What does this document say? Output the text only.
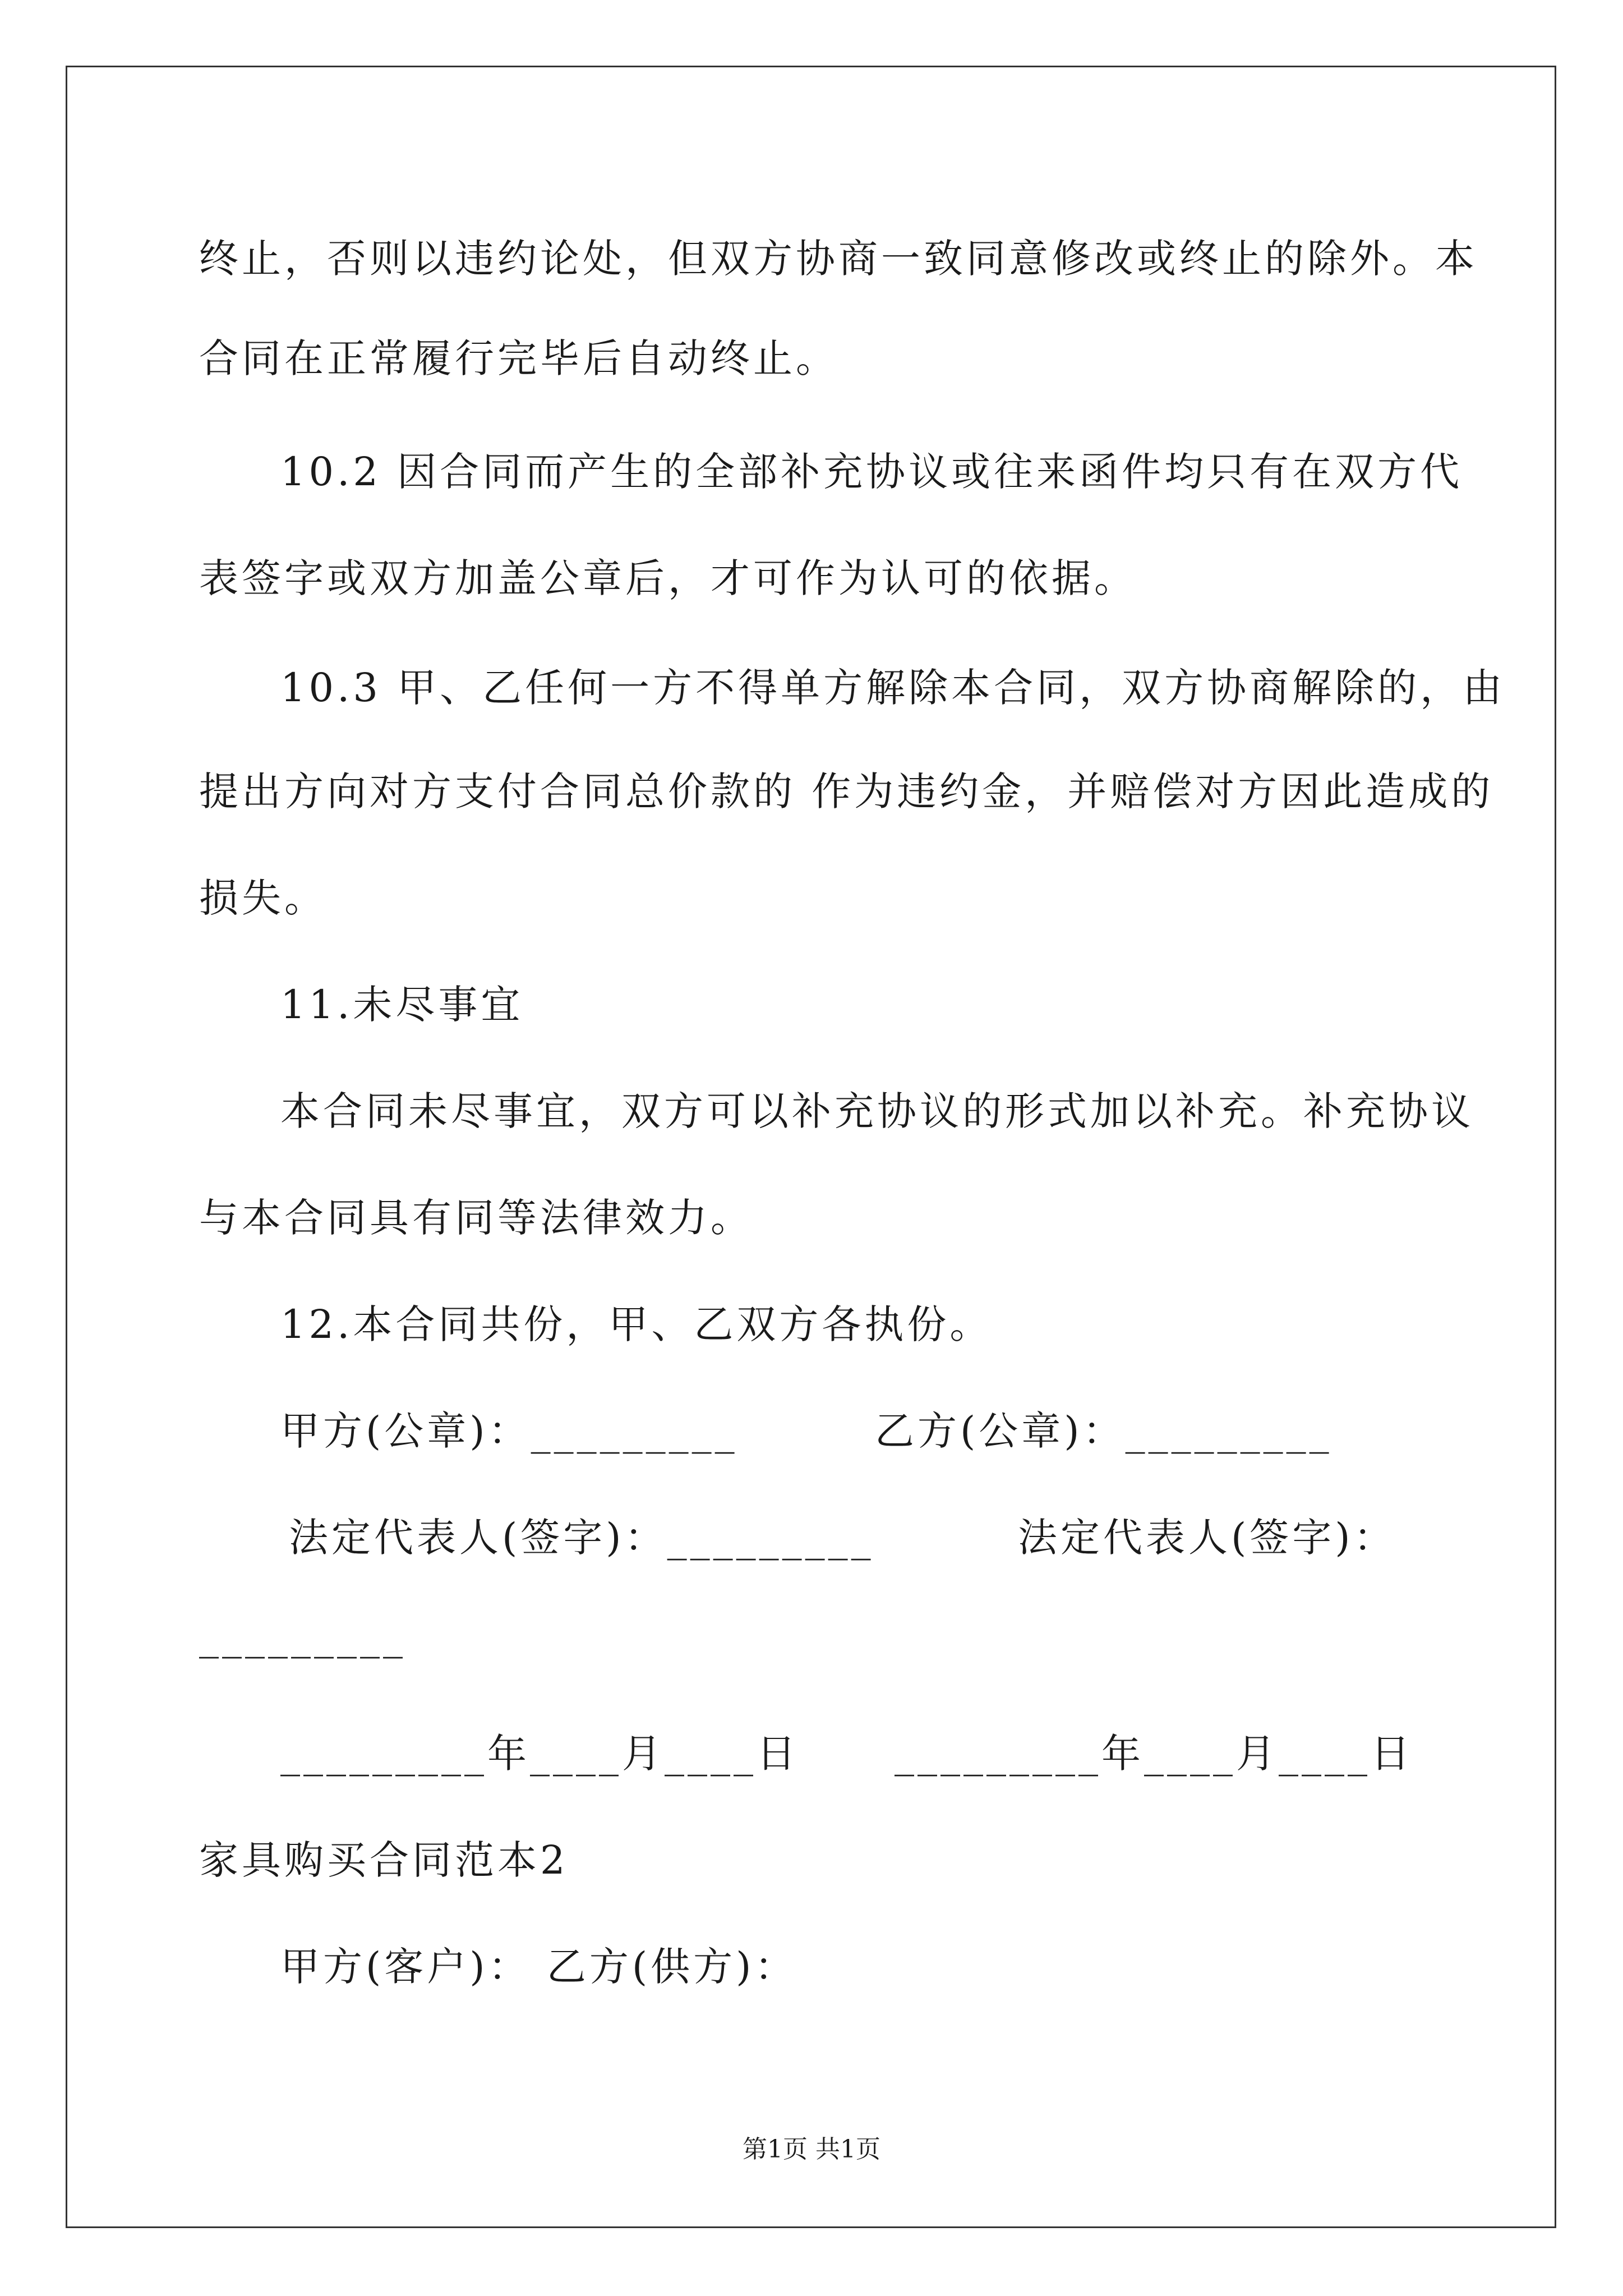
终止，否则以违约论处，但双方协商一致同意修改或终止的除外。本
合同在正常履行完毕后自动终止。
10.2 因合同而产生的全部补充协议或往来函件均只有在双方代
表签字或双方加盖公章后，才可作为认可的依据。
10.3 甲、乙任何一方不得单方解除本合同，双方协商解除的，由
提出方向对方支付合同总价款的 作为违约金，并赔偿对方因此造成的
损失。
11.未尽事宜
本合同未尽事宜，双方可以补充协议的形式加以补充。补充协议
与本合同具有同等法律效力。
12.本合同共份，甲、乙双方各执份。
甲方(公章)：_________	乙方(公章)：_________
法定代表人(签字)：_________	法定代表人(签字)：
_________
_________年____月____日 _________年____月____日
家具购买合同范本2
甲方(客户)： 乙方(供方)：
第1页 共1页
